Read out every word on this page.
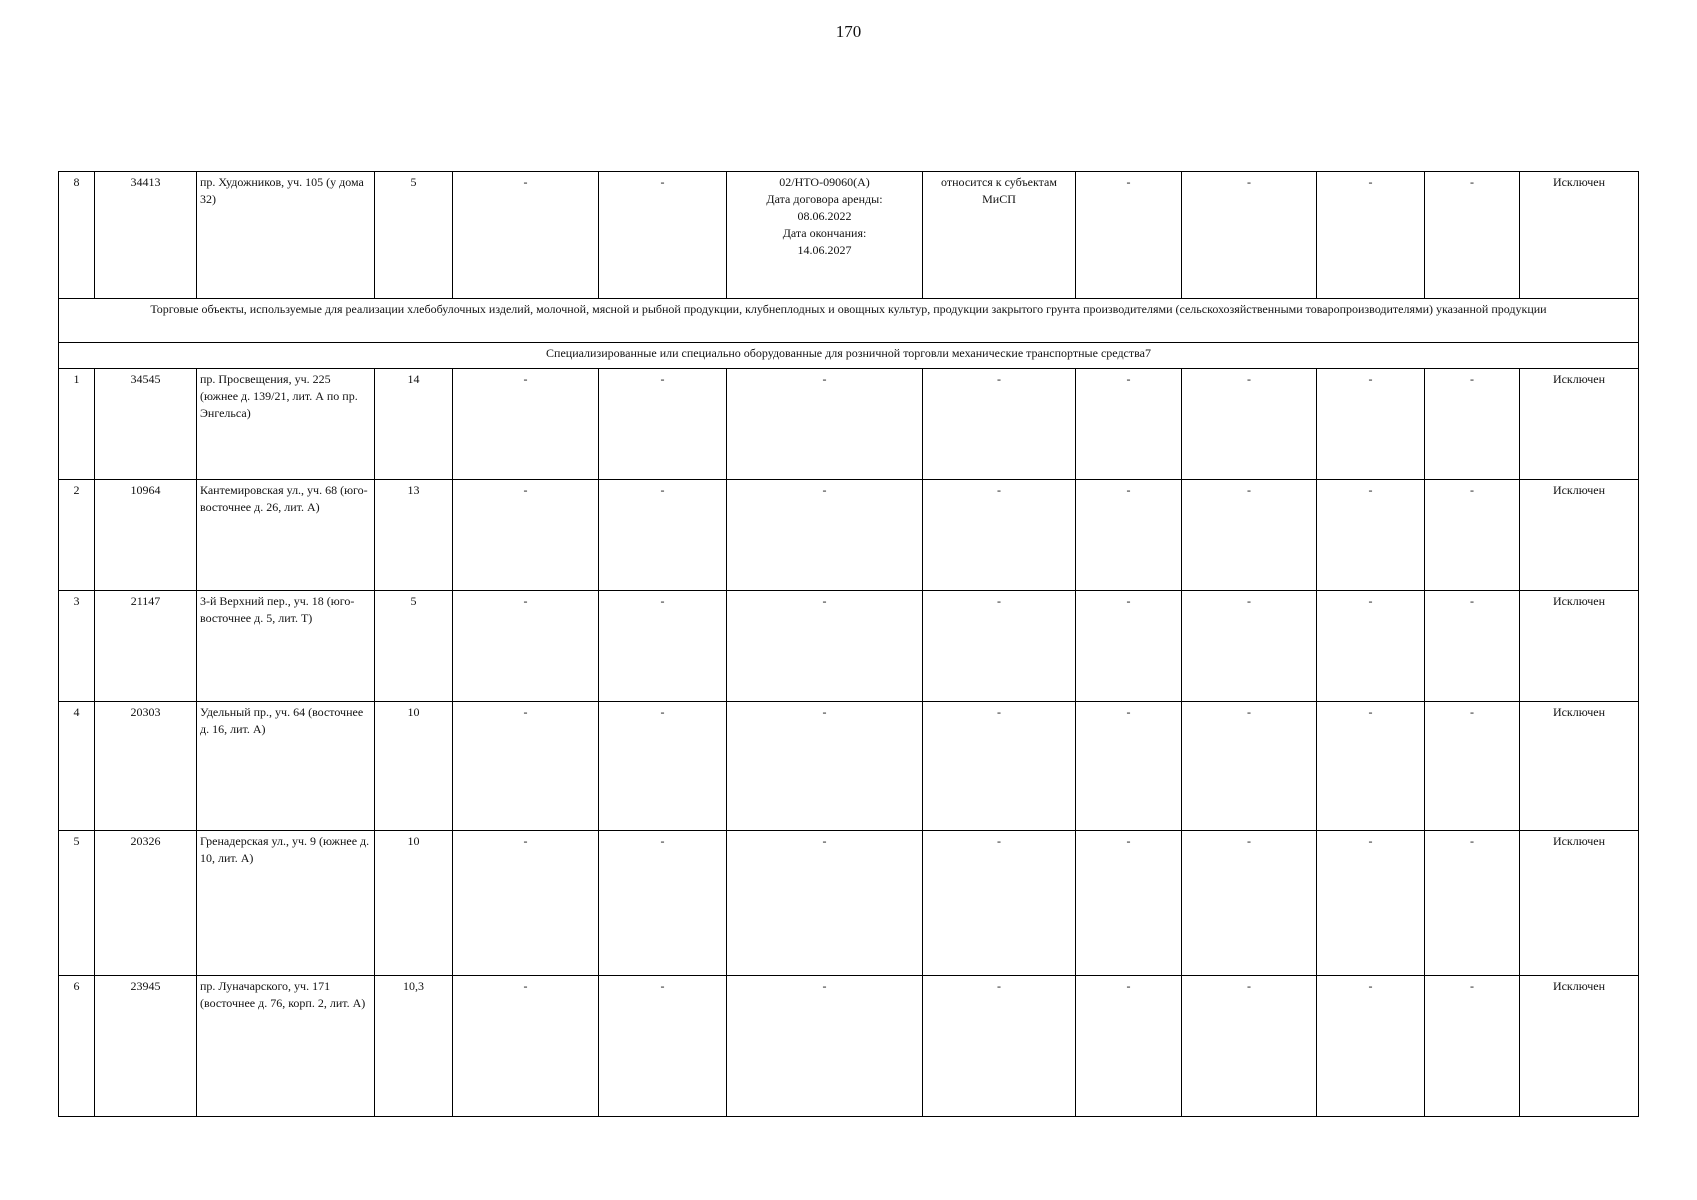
170
8	34413	пр. Художников, уч. 105 (у дома 32)	5	-	-	02/НТО-09060(А)
Дата договора аренды:
08.06.2022
Дата окончания:
14.06.2027	относится к субъектам МиСП	-	-	-	-	Исключен
Торговые объекты, используемые для реализации хлебобулочных изделий, молочной, мясной и рыбной продукции, клубнеплодных и овощных культур, продукции закрытого грунта производителями (сельскохозяйственными товаропроизводителями) указанной продукции												
Специализированные или специально оборудованные для розничной торговли механические транспортные средства7												
1	34545	пр. Просвещения, уч. 225 (южнее д. 139/21, лит. А по пр. Энгельса)	14	-	-	-	-	-	-	-	-	Исключен
2	10964	Кантемировская ул., уч. 68 (юго-восточнее д. 26, лит. А)	13	-	-	-	-	-	-	-	-	Исключен
3	21147	3-й Верхний пер., уч. 18 (юго-восточнее д. 5, лит. Т)	5	-	-	-	-	-	-	-	-	Исключен
4	20303	Удельный пр., уч. 64 (восточнее д. 16, лит. А)	10	-	-	-	-	-	-	-	-	Исключен
5	20326	Гренадерская ул., уч. 9 (южнее д. 10, лит. А)	10	-	-	-	-	-	-	-	-	Исключен
6	23945	пр. Луначарского, уч. 171 (восточнее д. 76, корп. 2, лит. А)	10,3	-	-	-	-	-	-	-	-	Исключен
